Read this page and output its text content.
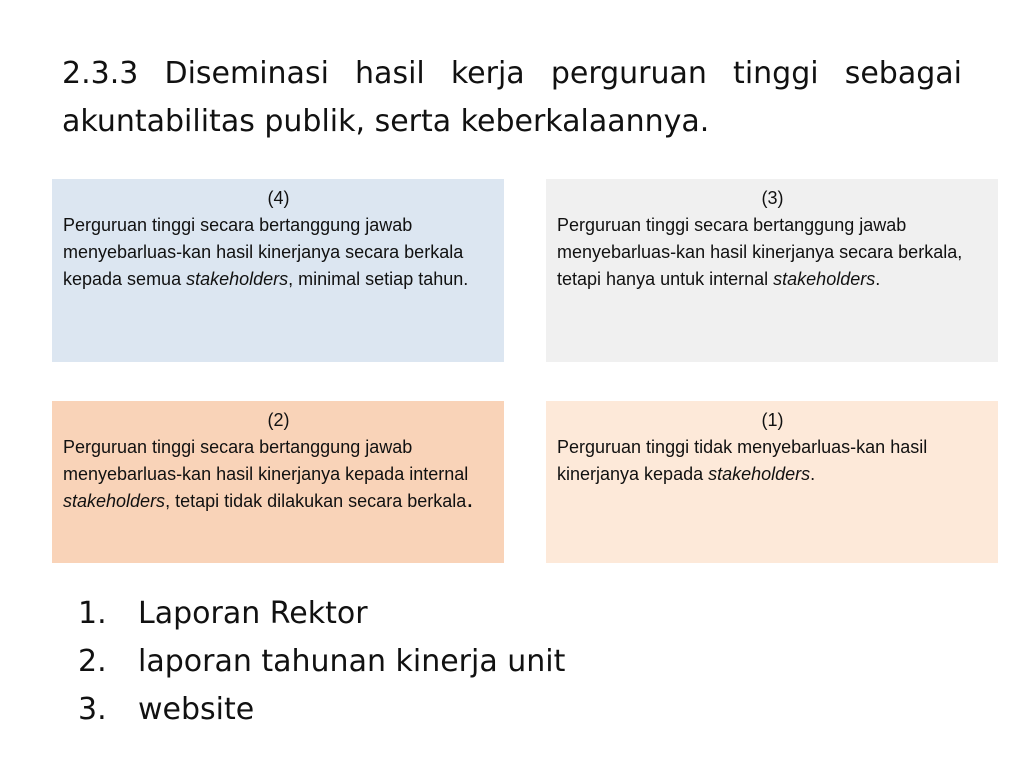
2.3.3 Diseminasi hasil kerja perguruan tinggi sebagai akuntabilitas publik, serta keberkalaannya.
(4)
Perguruan tinggi secara bertanggung jawab menyebarluas-kan hasil kinerjanya secara berkala kepada semua stakeholders, minimal setiap tahun.
(3)
Perguruan tinggi secara bertanggung jawab menyebarluas-kan hasil kinerjanya secara berkala, tetapi hanya untuk internal stakeholders.
(2)
Perguruan tinggi secara bertanggung jawab menyebarluas-kan hasil kinerjanya kepada internal stakeholders, tetapi tidak dilakukan secara berkala.
(1)
Perguruan tinggi tidak menyebarluas-kan hasil kinerjanya kepada stakeholders.
1.	Laporan Rektor
2.	laporan tahunan kinerja unit
3.	website
